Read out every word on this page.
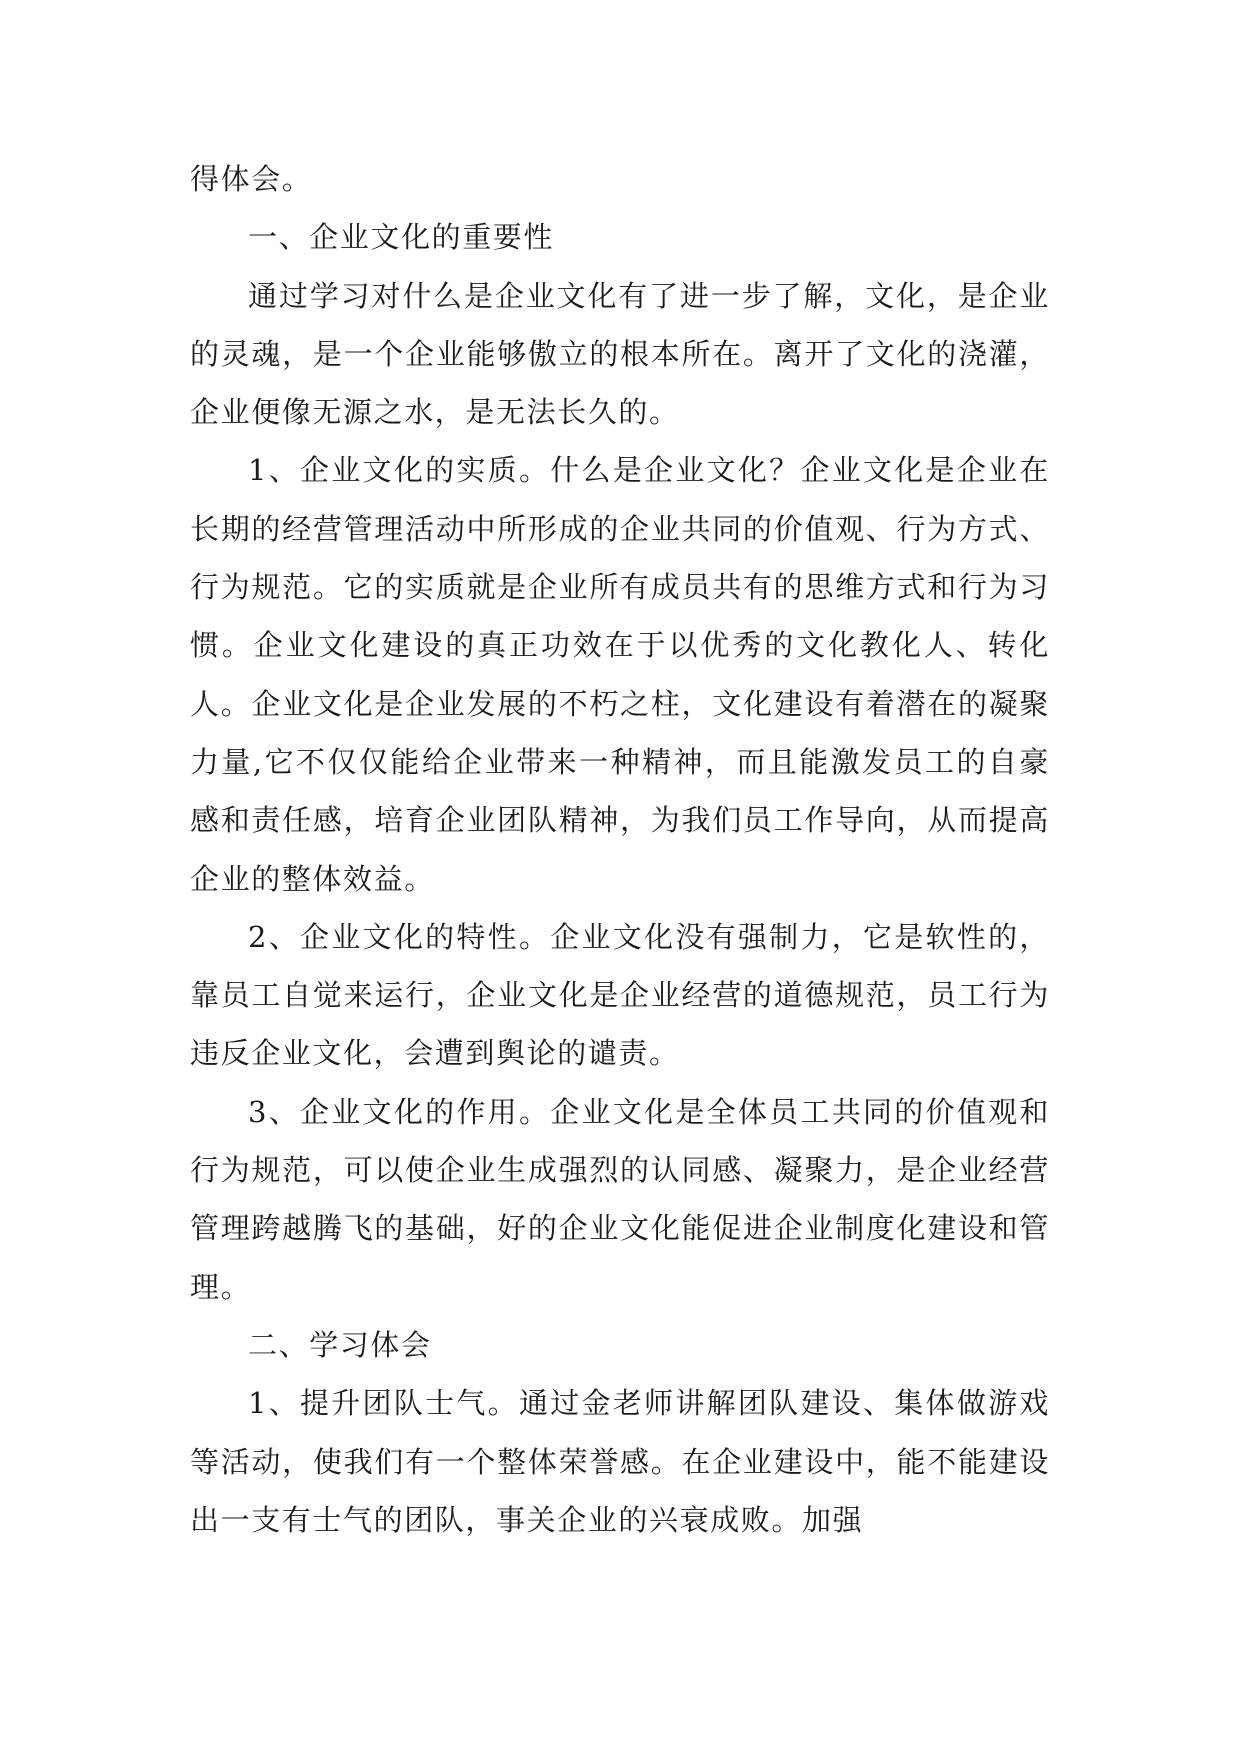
得体会。

一、企业文化的重要性

通过学习对什么是企业文化有了进一步了解，文化，是企业的灵魂，是一个企业能够傲立的根本所在。离开了文化的浇灌，企业便像无源之水，是无法长久的。

1、企业文化的实质。什么是企业文化？企业文化是企业在长期的经营管理活动中所形成的企业共同的价值观、行为方式、行为规范。它的实质就是企业所有成员共有的思维方式和行为习惯。企业文化建设的真正功效在于以优秀的文化教化人、转化人。企业文化是企业发展的不朽之柱，文化建设有着潜在的凝聚力量,它不仅仅能给企业带来一种精神，而且能激发员工的自豪感和责任感，培育企业团队精神，为我们员工作导向，从而提高企业的整体效益。

2、企业文化的特性。企业文化没有强制力，它是软性的，靠员工自觉来运行，企业文化是企业经营的道德规范，员工行为违反企业文化，会遭到舆论的谴责。

3、企业文化的作用。企业文化是全体员工共同的价值观和行为规范，可以使企业生成强烈的认同感、凝聚力，是企业经营管理跨越腾飞的基础，好的企业文化能促进企业制度化建设和管理。

二、学习体会

1、提升团队士气。通过金老师讲解团队建设、集体做游戏等活动，使我们有一个整体荣誉感。在企业建设中，能不能建设出一支有士气的团队，事关企业的兴衰成败。加强
